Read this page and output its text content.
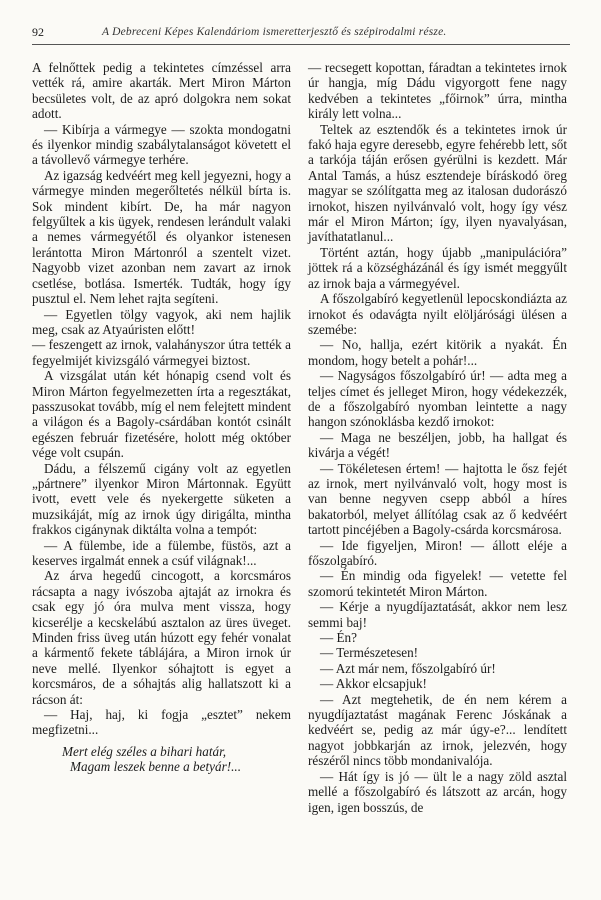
92	A Debreceni Képes Kalendáriom ismeretterjesztő és szépirodalmi része.

A felnőttek pedig a tekintetes címzéssel arra vették rá, amire akarták. Mert Miron Márton becsületes volt, de az apró dolgokra nem sokat adott.

— Kibírja a vármegye — szokta mondogatni és ilyenkor mindig szabálytalanságot követett el a távollevő vármegye terhére.

Az igazság kedvéért meg kell jegyezni, hogy a vármegye minden megerőltetés nélkül bírta is. Sok mindent kibírt. De, ha már nagyon felgyűltek a kis ügyek, rendesen lerándult valaki a nemes vármegyétől és olyankor istenesen lerántotta Miron Mártonról a szentelt vizet. Nagyobb vizet azonban nem zavart az irnok csetlése, botlása. Ismerték. Tudták, hogy így pusztul el. Nem lehet rajta segíteni.

— Egyetlen tölgy vagyok, aki nem hajlik meg, csak az Atyaúristen előtt!

— feszengett az irnok, valahányszor útra tették a fegyelmijét kivizsgáló vármegyei biztost.

A vizsgálat után két hónapig csend volt és Miron Márton fegyelmezetten írta a regesztákat, passzusokat tovább, míg el nem felejtett mindent a világon és a Bagoly-csárdában kontót csinált egészen február fizetésére, holott még október vége volt csupán.

Dádu, a félszemű cigány volt az egyetlen „pártnere” ilyenkor Miron Mártonnak. Együtt ivott, evett vele és nyekergette süketen a muzsikáját, míg az irnok úgy dirigálta, mintha frakkos cigánynak diktálta volna a tempót:

— A fülembe, ide a fülembe, füstös, azt a keserves irgalmát ennek a csúf világnak!...

Az árva hegedű cincogott, a korcsmáros rácsapta a nagy ivószoba ajtaját az irnokra és csak egy jó óra mulva ment vissza, hogy kicserélje a kecskelábú asztalon az üres üveget. Minden friss üveg után húzott egy fehér vonalat a kármentő fekete táblájára, a Miron irnok úr neve mellé. Ilyenkor sóhajtott is egyet a korcsmáros, de a sóhajtás alig hallatszott ki a rácson át:

— Haj, haj, ki fogja „esztet” nekem megfizetni...

Mert elég széles a bihari határ,
Magam leszek benne a betyár!...

— recsegett kopottan, fáradtan a tekintetes irnok úr hangja, míg Dádu vigyorgott fene nagy kedvében a tekintetes „főirnok” úrra, mintha király lett volna...

Teltek az esztendők és a tekintetes irnok úr fakó haja egyre deresebb, egyre fehérebb lett, sőt a tarkója táján erősen gyérülni is kezdett. Már Antal Tamás, a húsz esztendeje bíráskodó öreg magyar se szólítgatta meg az italosan dudorászó irnokot, hiszen nyilvánvaló volt, hogy így vész már el Miron Márton; így, ilyen nyavalyásan, javíthatatlanul...

Történt aztán, hogy újabb „manipulációra” jöttek rá a községházánál és így ismét meggyűlt az irnok baja a vármegyével.

A főszolgabíró kegyetlenül lepocskondiázta az irnokot és odavágta nyilt elöljárósági ülésen a szemébe:

— No, hallja, ezért kitörik a nyakát. Én mondom, hogy betelt a pohár!...

— Nagyságos főszolgabíró úr! — adta meg a teljes címet és jelleget Miron, hogy védekezzék, de a főszolgabíró nyomban leintette a nagy hangon szónoklásba kezdő irnokot:

— Maga ne beszéljen, jobb, ha hallgat és kivárja a végét!

— Tökéletesen értem! — hajtotta le ősz fejét az irnok, mert nyilvánvaló volt, hogy most is van benne negyven csepp abból a híres bakatorból, melyet állítólag csak az ő kedvéért tartott pincéjében a Bagoly-csárda korcsmárosa.

— Ide figyeljen, Miron! — állott eléje a főszolgabíró.

— Én mindig oda figyelek! — vetette fel szomorú tekintetét Miron Márton.

— Kérje a nyugdíjaztatását, akkor nem lesz semmi baj!

— Én?

— Természetesen!

— Azt már nem, főszolgabíró úr!

— Akkor elcsapjuk!

— Azt megtehetik, de én nem kérem a nyugdíjaztatást magának Ferenc Jóskának a kedvéért se, pedig az már úgy-e?... lendített nagyot jobbkarján az irnok, jelezvén, hogy részéről nincs több mondanivalója.

— Hát így is jó — ült le a nagy zöld asztal mellé a főszolgabíró és látszott az arcán, hogy igen, igen bosszús, de
